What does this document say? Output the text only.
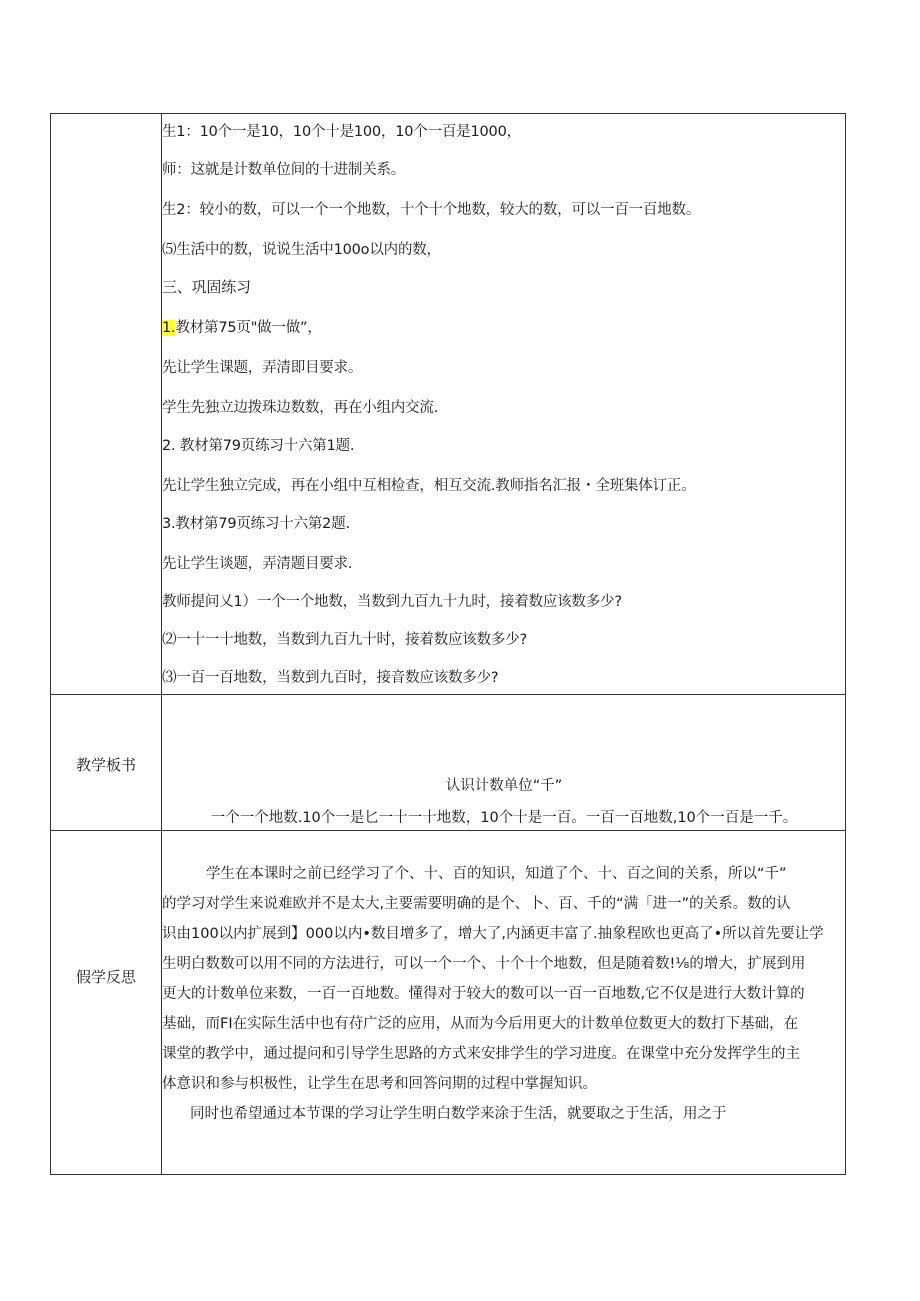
生1：10个一是10，10个十是100，10个一百是1000，
师：这就是计数单位间的十进制关系。
生2：较小的数，可以一个一个地数，十个十个地数，较大的数，可以一百一百地数。
⑸生活中的数，说说生活中100o以内的数，
三、巩固练习
1.教材第75页"做一做”，
先让学生课题，弄清即目要求。
学生先独立边拨珠边数数，再在小组内交流.
2. 教材第79页练习十六第1题.
先让学生独立完成，再在小组中互相检查，相互交流.教师指名汇报・全班集体订正。
3.教材第79页练习十六第2题.
先让学生谈题，弄清题目要求.
教师提问乂1）一个一个地数，当数到九百九十九时，接着数应该数多少?
⑵一十一十地数，当数到九百九十时，接着数应该数多少?
⑶一百一百地数，当数到九百时，接音数应该数多少?
教学板书
认识计数单位“千”
一个一个地数.10个一是匕一十一十地数，10个十是一百。一百一百地数,10个一百是一千。
假学反思
学生在本课时之前已经学习了个、十、百的知识，知道了个、十、百之间的关系，所以“千”
的学习对学生来说难欧并不是太大,主要需要明确的是个、卜、百、千的“满「进一”的关系。数的认
识由100以内扩展到】000以内•数目增多了，增大了,内涵更丰富了.抽象程欧也更高了•所以首先要让学
生明白数数可以用不同的方法进行，可以一个一个、十个十个地数，但是随着数!⅛的增大，扩展到用
更大的计数单位来数，一百一百地数。懂得对于较大的数可以一百一百地数,它不仅是进行大数计算的
基础，而FI在实际生活中也有苻广泛的应用，从而为今后用更大的计数单位数更大的数打下基础，在
课堂的教学中，通过提问和引导学生思路的方式来安排学生的学习进度。在课堂中充分发挥学生的主
体意识和参与枳极性，让学生在思考和回答问期的过程中掌握知识。
同时也希望通过本节课的学习让学生明白数学来涂于生活，就要取之于生活，用之于
